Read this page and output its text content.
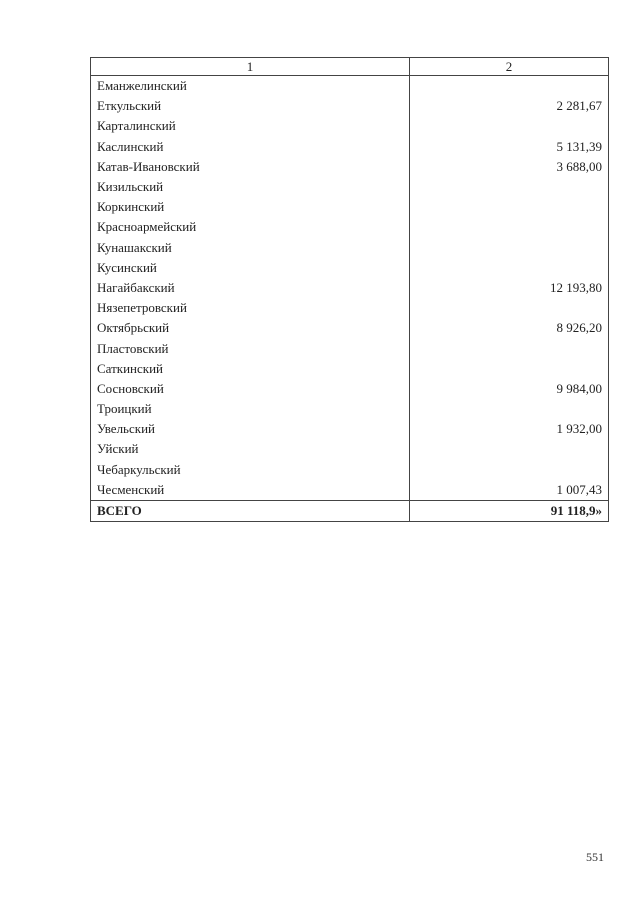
1	2
Еманжелинский	
Еткульский	2 281,67
Карталинский	
Каслинский	5 131,39
Катав-Ивановский	3 688,00
Кизильский	
Коркинский	
Красноармейский	
Кунашакский	
Кусинский	
Нагайбакский	12 193,80
Нязепетровский	
Октябрьский	8 926,20
Пластовский	
Саткинский	
Сосновский	9 984,00
Троицкий	
Увельский	1 932,00
Уйский	
Чебаркульский	
Чесменский	1 007,43
ВСЕГО	91 118,9»
551
